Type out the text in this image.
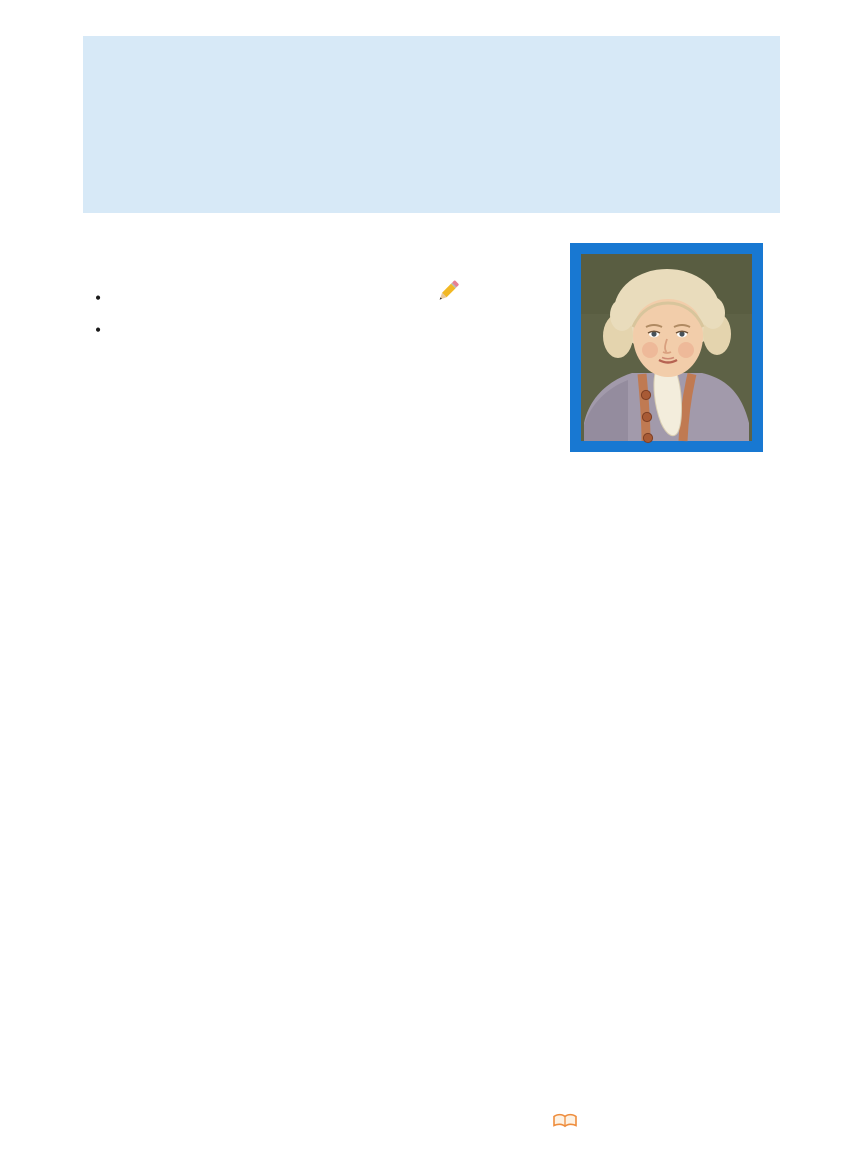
•
•
